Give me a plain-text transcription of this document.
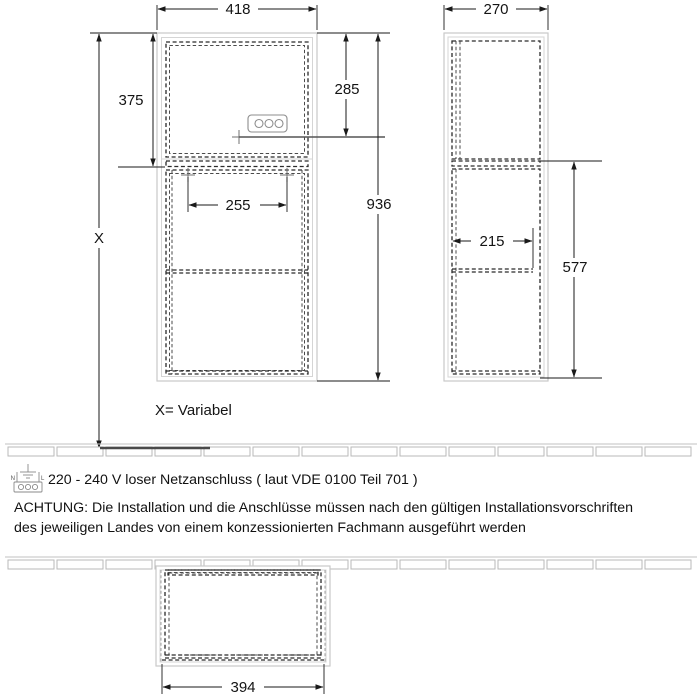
418
375
285
936
255
270
215
577
X
X= Variabel
N	L 220 - 240 V loser Netzanschluss ( laut VDE 0100 Teil 701 )
ACHTUNG: Die Installation und die Anschlüsse müssen nach den gültigen Installationsvorschriften
des jeweiligen Landes von einem konzessionierten Fachmann ausgeführt werden
394
